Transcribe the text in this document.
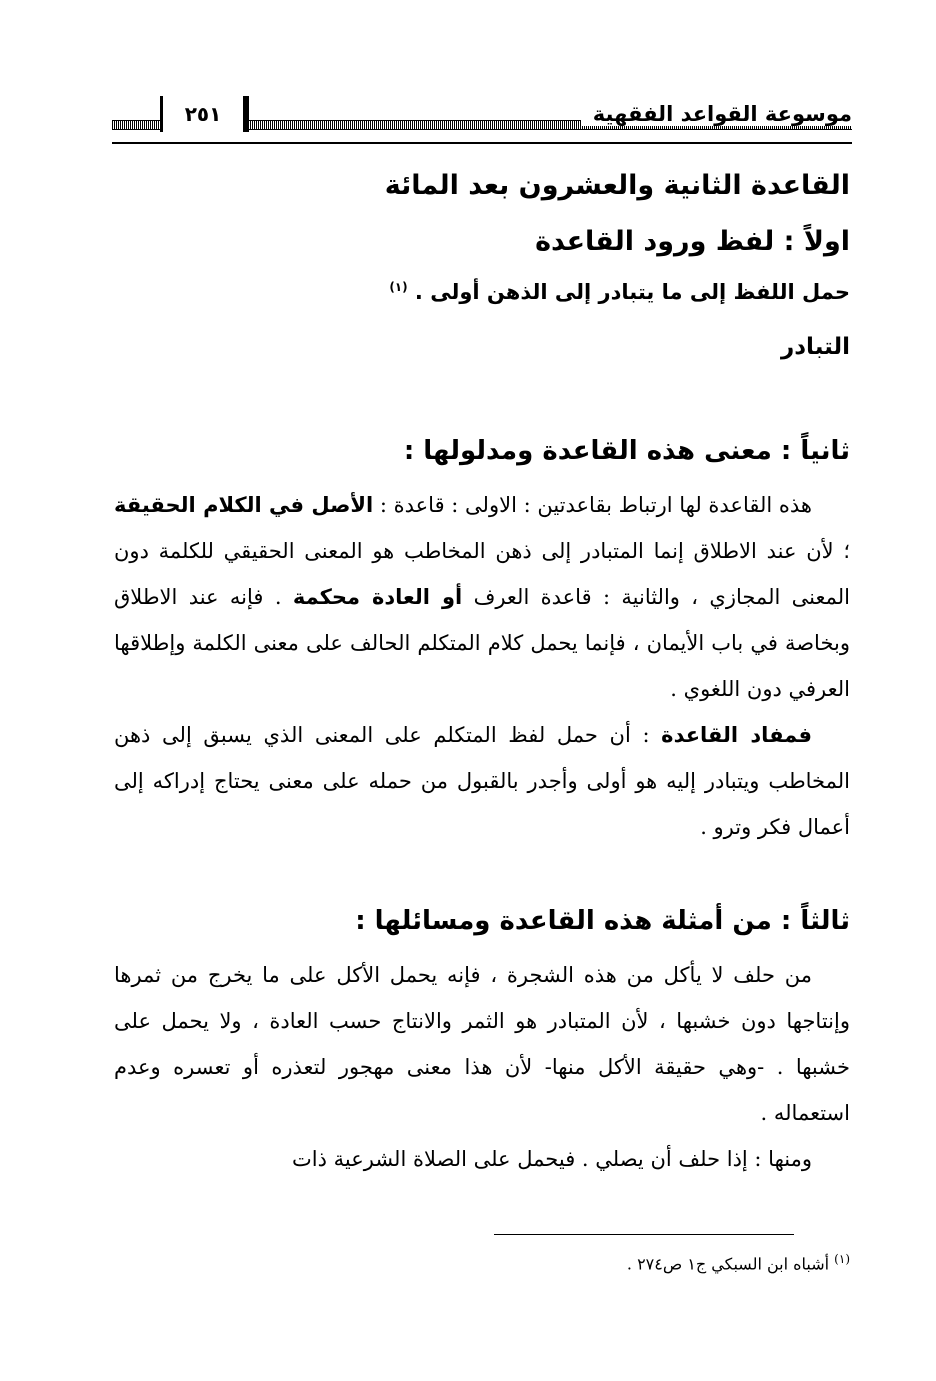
موسوعة القواعد الفقهية
٢٥١
القاعدة الثانية والعشرون بعد المائة
اولاً : لفظ ورود القاعدة
حمل اللفظ إلى ما يتبادر إلى الذهن أولى . $^{(١)}$
التبادر
ثانياً : معنى هذه القاعدة ومدلولها :
هذه القاعدة لها ارتباط بقاعدتين : الاولى : قاعدة : الأصل في الكلام الحقيقة ؛ لأن عند الاطلاق إنما المتبادر إلى ذهن المخاطب هو المعنى الحقيقي للكلمة دون المعنى المجازي ، والثانية : قاعدة العرف أو العادة محكمة . فإنه عند الاطلاق وبخاصة في باب الأيمان ، فإنما يحمل كلام المتكلم الحالف على معنى الكلمة وإطلاقها العرفي دون اللغوي .
فمفاد القاعدة : أن حمل لفظ المتكلم على المعنى الذي يسبق إلى ذهن المخاطب ويتبادر إليه هو أولى وأجدر بالقبول من حمله على معنى يحتاج إدراكه إلى أعمال فكر وترو .
ثالثاً : من أمثلة هذه القاعدة ومسائلها :
من حلف لا يأكل من هذه الشجرة ، فإنه يحمل الأكل على ما يخرج من ثمرها وإنتاجها دون خشبها ، لأن المتبادر هو الثمر والانتاج حسب العادة ، ولا يحمل على خشبها . -وهي حقيقة الأكل منها- لأن هذا معنى مهجور لتعذره أو تعسره وعدم استعماله .
ومنها : إذا حلف أن يصلي . فيحمل على الصلاة الشرعية ذات
$^{(١)}$ أشباه ابن السبكي ج١ ص٢٧٤ .
